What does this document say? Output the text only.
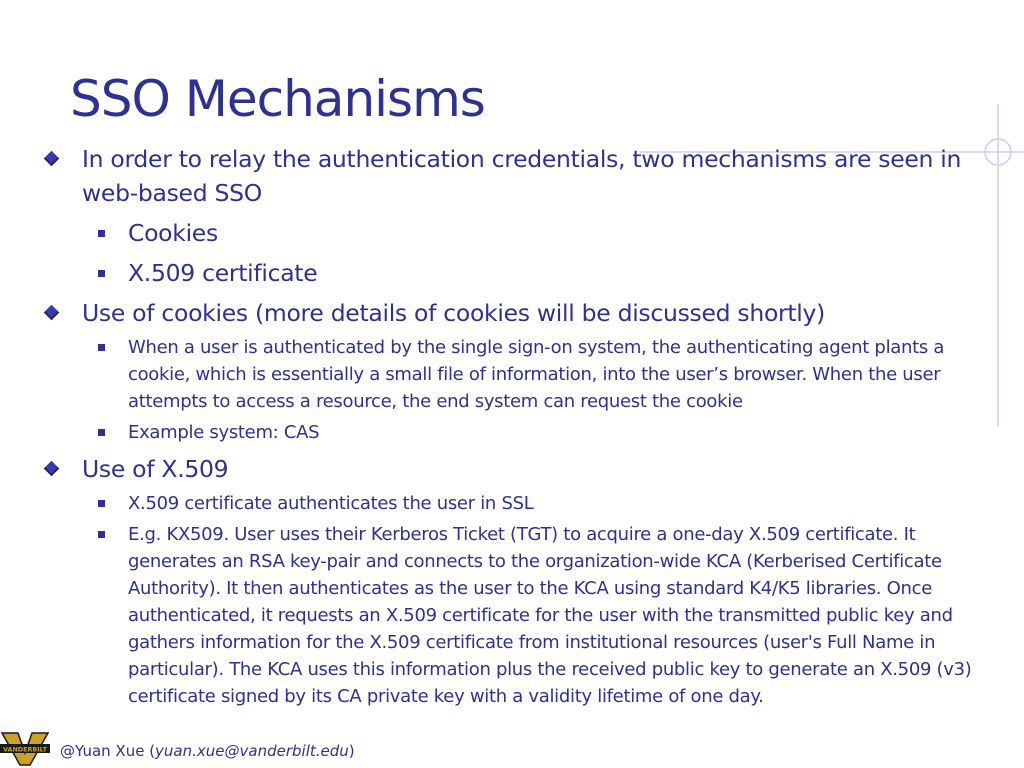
SSO Mechanisms
In order to relay the authentication credentials, two mechanisms are seen in web-based SSO
Cookies
X.509 certificate
Use of cookies (more details of cookies will be discussed shortly)
When a user is authenticated by the single sign-on system, the authenticating agent plants a cookie, which is essentially a small file of information, into the user’s browser. When the user attempts to access a resource, the end system can request the cookie
Example system: CAS
Use of X.509
X.509 certificate authenticates the user in SSL
E.g. KX509. User uses their Kerberos Ticket (TGT) to acquire a one-day X.509 certificate. It generates an RSA key-pair and connects to the organization-wide KCA (Kerberised Certificate Authority). It then authenticates as the user to the KCA using standard K4/K5 libraries. Once authenticated, it requests an X.509 certificate for the user with the transmitted public key and gathers information for the X.509 certificate from institutional resources (user's Full Name in particular). The KCA uses this information plus the received public key to generate an X.509 (v3) certificate signed by its CA private key with a validity lifetime of one day.
VANDERBILT @Yuan Xue (yuan.xue@vanderbilt.edu)
